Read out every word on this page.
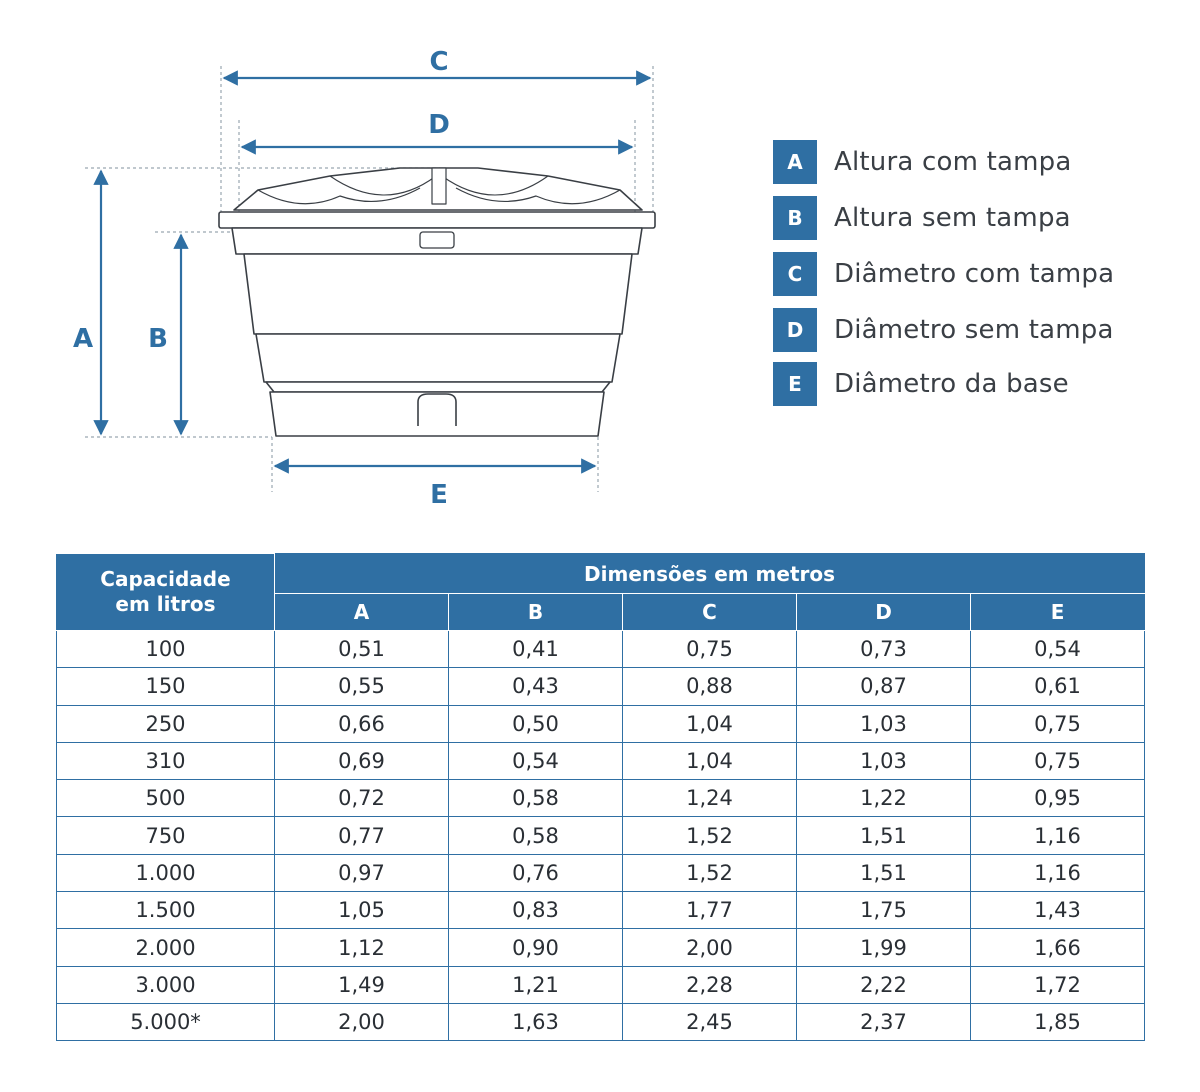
C
D
A B
E
A	Altura com tampa
B	Altura sem tampa
C	Diâmetro com tampa
D	Diâmetro sem tampa
E	Diâmetro da base
Capacidade
em litros	Dimensões em metros				
	A	B	C	D	E
100	0,51	0,41	0,75	0,73	0,54
150	0,55	0,43	0,88	0,87	0,61
250	0,66	0,50	1,04	1,03	0,75
310	0,69	0,54	1,04	1,03	0,75
500	0,72	0,58	1,24	1,22	0,95
750	0,77	0,58	1,52	1,51	1,16
1.000	0,97	0,76	1,52	1,51	1,16
1.500	1,05	0,83	1,77	1,75	1,43
2.000	1,12	0,90	2,00	1,99	1,66
3.000	1,49	1,21	2,28	2,22	1,72
5.000*	2,00	1,63	2,45	2,37	1,85
